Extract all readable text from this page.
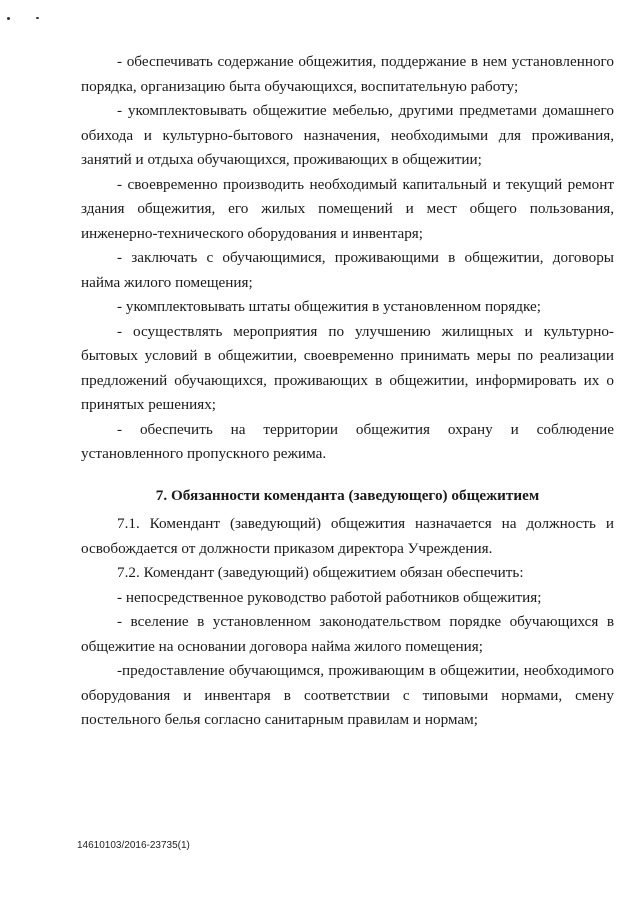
- обеспечивать содержание общежития, поддержание в нем установленного порядка, организацию быта обучающихся, воспитательную работу;

- укомплектовывать общежитие мебелью, другими предметами домашнего обихода и культурно-бытового назначения, необходимыми для проживания, занятий и отдыха обучающихся, проживающих в общежитии;

- своевременно производить необходимый капитальный и текущий ремонт здания общежития, его жилых помещений и мест общего пользования, инженерно-технического оборудования и инвентаря;

- заключать с обучающимися, проживающими в общежитии, договоры найма жилого помещения;

- укомплектовывать штаты общежития в установленном порядке;

- осуществлять мероприятия по улучшению жилищных и культурно-бытовых условий в общежитии, своевременно принимать меры по реализации предложений обучающихся, проживающих в общежитии, информировать их о принятых решениях;

- обеспечить на территории общежития охрану и соблюдение установленного пропускного режима.

7. Обязанности коменданта (заведующего) общежитием

7.1. Комендант (заведующий) общежития назначается на должность и освобождается от должности приказом директора Учреждения.

7.2. Комендант (заведующий) общежитием обязан обеспечить:

- непосредственное руководство работой работников общежития;

- вселение в установленном законодательством порядке обучающихся в общежитие на основании договора найма жилого помещения;

-предоставление обучающимся, проживающим в общежитии, необходимого оборудования и инвентаря в соответствии с типовыми нормами, смену постельного белья согласно санитарным правилам и нормам;

14610103/2016-23735(1)
